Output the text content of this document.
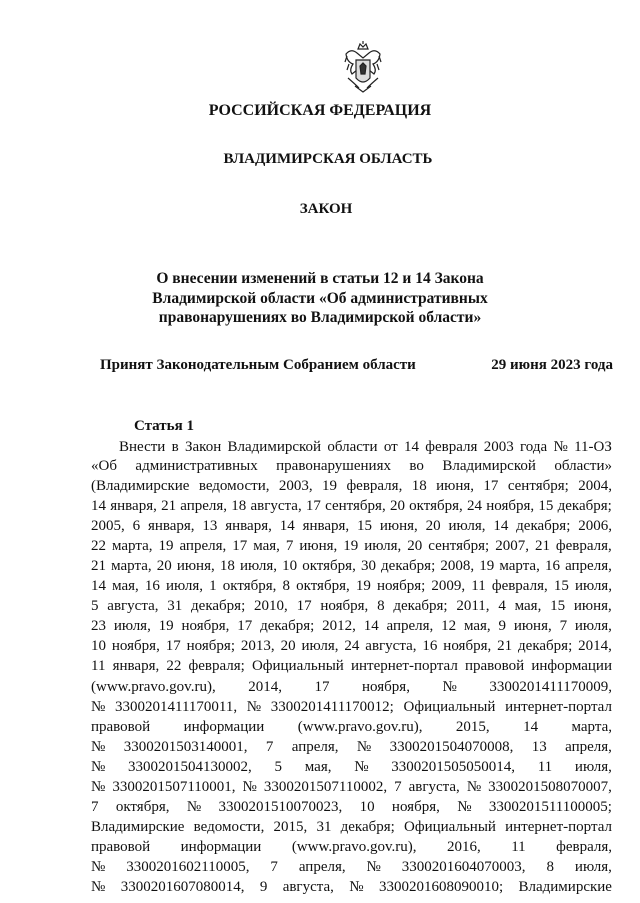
РОССИЙСКАЯ ФЕДЕРАЦИЯ
ВЛАДИМИРСКАЯ ОБЛАСТЬ
ЗАКОН
О внесении изменений в статьи 12 и 14 Закона
Владимирской области «Об административных
правонарушениях во Владимирской области»
Принят Законодательным Собранием области	29 июня 2023 года
Статья 1
Внести в Закон Владимирской области от 14 февраля 2003 года № 11-ОЗ
«Об административных правонарушениях во Владимирской области»
(Владимирские ведомости, 2003, 19 февраля, 18 июня, 17 сентября; 2004,
14 января, 21 апреля, 18 августа, 17 сентября, 20 октября, 24 ноября, 15 декабря;
2005, 6 января, 13 января, 14 января, 15 июня, 20 июля, 14 декабря; 2006,
22 марта, 19 апреля, 17 мая, 7 июня, 19 июля, 20 сентября; 2007, 21 февраля,
21 марта, 20 июня, 18 июля, 10 октября, 30 декабря; 2008, 19 марта, 16 апреля,
14 мая, 16 июля, 1 октября, 8 октября, 19 ноября; 2009, 11 февраля, 15 июля,
5 августа, 31 декабря; 2010, 17 ноября, 8 декабря; 2011, 4 мая, 15 июня,
23 июля, 19 ноября, 17 декабря; 2012, 14 апреля, 12 мая, 9 июня, 7 июля,
10 ноября, 17 ноября; 2013, 20 июля, 24 августа, 16 ноября, 21 декабря; 2014,
11 января, 22 февраля; Официальный интернет-портал правовой информации
(www.pravo.gov.ru), 2014, 17 ноября, № 3300201411170009,
№ 3300201411170011, № 3300201411170012; Официальный интернет-портал
правовой информации (www.pravo.gov.ru), 2015, 14 марта,
№ 3300201503140001, 7 апреля, № 3300201504070008, 13 апреля,
№ 3300201504130002, 5 мая, № 3300201505050014, 11 июля,
№ 3300201507110001, № 3300201507110002, 7 августа, № 3300201508070007,
7 октября, № 3300201510070023, 10 ноября, № 3300201511100005;
Владимирские ведомости, 2015, 31 декабря; Официальный интернет-портал
правовой информации (www.pravo.gov.ru), 2016, 11 февраля,
№ 3300201602110005, 7 апреля, № 3300201604070003, 8 июля,
№ 3300201607080014, 9 августа, № 3300201608090010; Владимирские
